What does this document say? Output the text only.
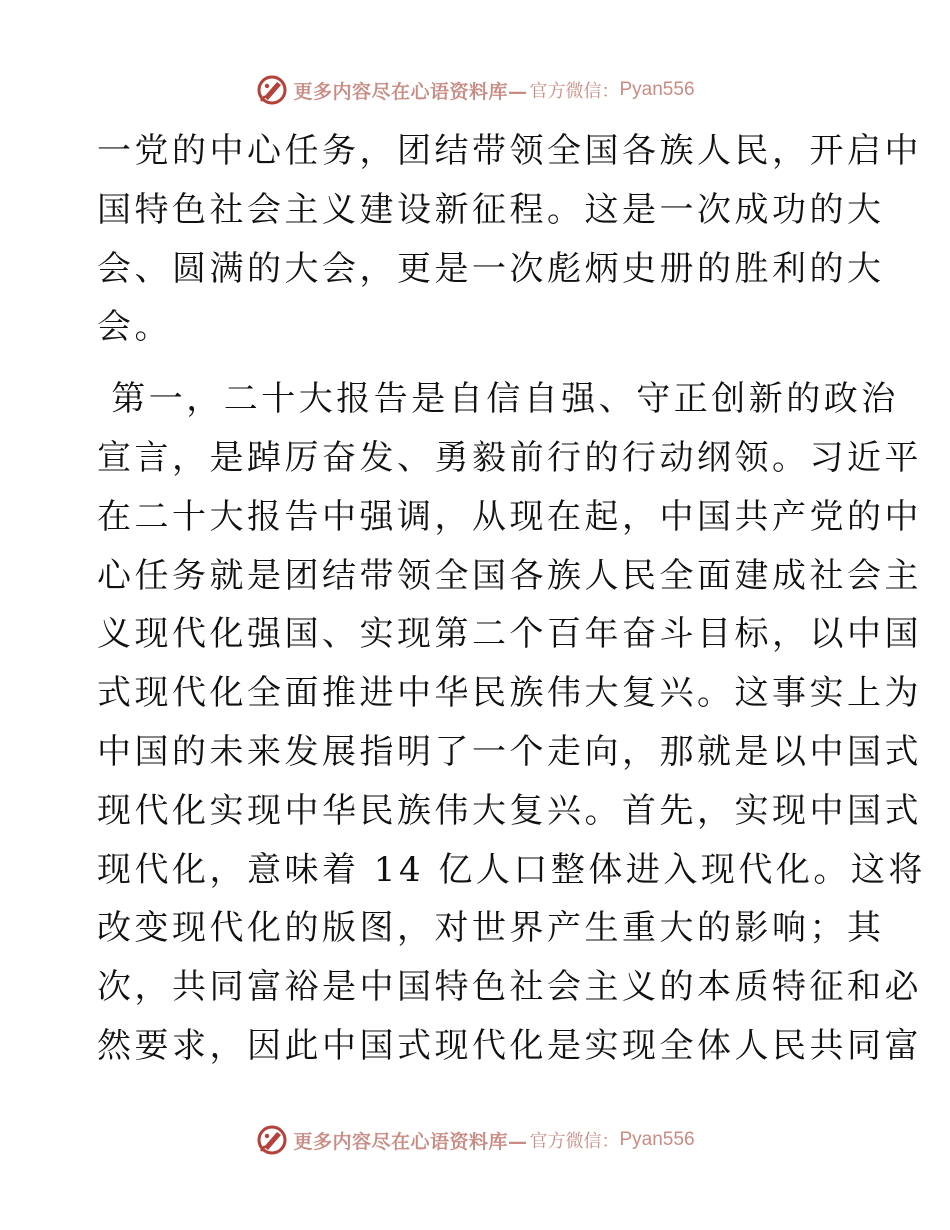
更多内容尽在心语资料库— 官方微信： Pyan556
一党的中心任务，团结带领全国各族人民，开启中
国特色社会主义建设新征程。这是一次成功的大
会、圆满的大会，更是一次彪炳史册的胜利的大
会。
第一，二十大报告是自信自强、守正创新的政治
宣言，是踔厉奋发、勇毅前行的行动纲领。习近平
在二十大报告中强调，从现在起，中国共产党的中
心任务就是团结带领全国各族人民全面建成社会主
义现代化强国、实现第二个百年奋斗目标，以中国
式现代化全面推进中华民族伟大复兴。这事实上为
中国的未来发展指明了一个走向，那就是以中国式
现代化实现中华民族伟大复兴。首先，实现中国式
现代化，意味着 14 亿人口整体进入现代化。这将
改变现代化的版图，对世界产生重大的影响；其
次，共同富裕是中国特色社会主义的本质特征和必
然要求，因此中国式现代化是实现全体人民共同富
更多内容尽在心语资料库— 官方微信： Pyan556
